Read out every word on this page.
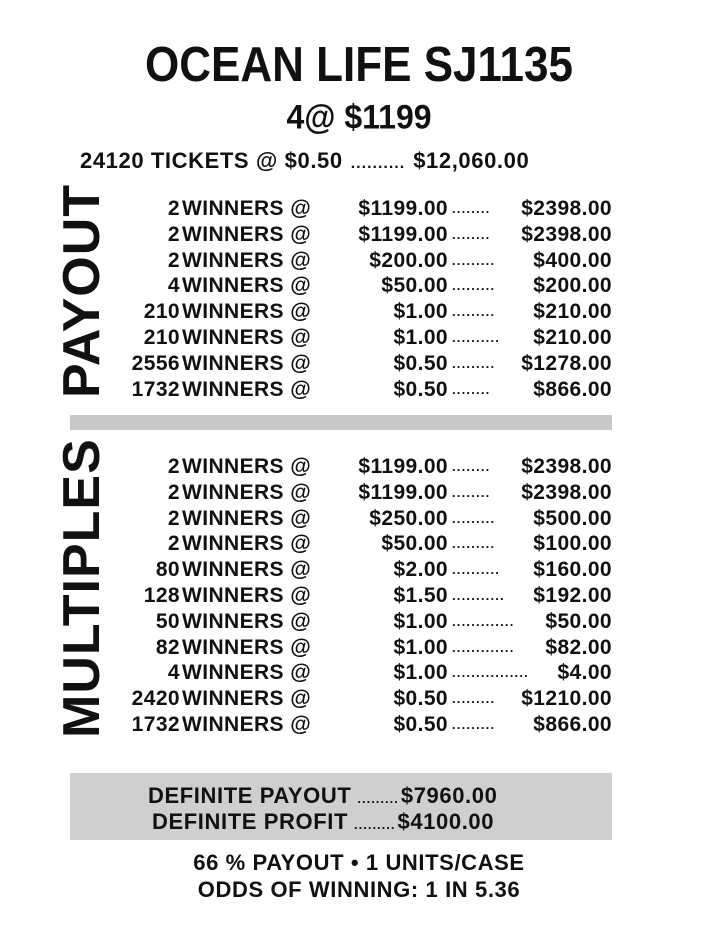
OCEAN LIFE SJ1135
4@ $1199
24120 TICKETS @ $0.50 .......... $12,060.00
PAYOUT	2 WINNERS @ $1199.00 ........	$2398.00
2 WINNERS @ $1199.00 ........	$2398.00
2 WINNERS @	$200.00 .........	$400.00
4 WINNERS @	$50.00 .........	$200.00
210 WINNERS @	$1.00 .........	$210.00
210 WINNERS @	$1.00 ..........	$210.00
2556 WINNERS @	$0.50 .........	$1278.00
1732 WINNERS @	$0.50 ........	$866.00
MULTIPLES	2 WINNERS @ $1199.00 ........	$2398.00
2 WINNERS @ $1199.00 ........	$2398.00
2 WINNERS @	$250.00 .........	$500.00
2 WINNERS @	$50.00 .........	$100.00
80 WINNERS @	$2.00 ..........	$160.00
128 WINNERS @	$1.50 ........... $192.00
50 WINNERS @	$1.00 ............. $50.00
82 WINNERS @	$1.00 ............. $82.00
4 WINNERS @	$1.00 ................ $4.00
2420 WINNERS @	$0.50 .........	$1210.00
1732 WINNERS @	$0.50 .........	$866.00
DEFINITE PAYOUT .........$7960.00
DEFINITE PROFIT .........$4100.00
66 % PAYOUT • 1 UNITS/CASE
ODDS OF WINNING: 1 IN 5.36
